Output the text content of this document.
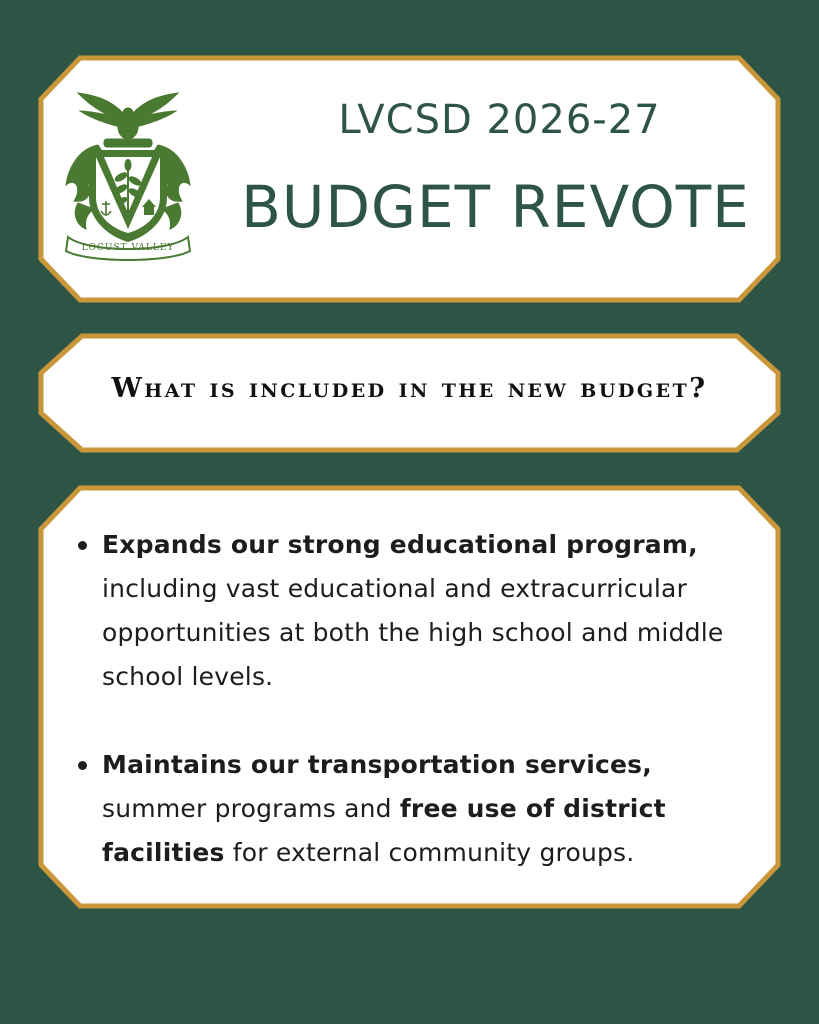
LVCSD 2026-27
BUDGET REVOTE
What is included in the new budget?
Expands our strong educational program, including vast educational and extracurricular opportunities at both the high school and middle school levels.
Maintains our transportation services, summer programs and free use of district facilities for external community groups.
LOCUST VALLEY
